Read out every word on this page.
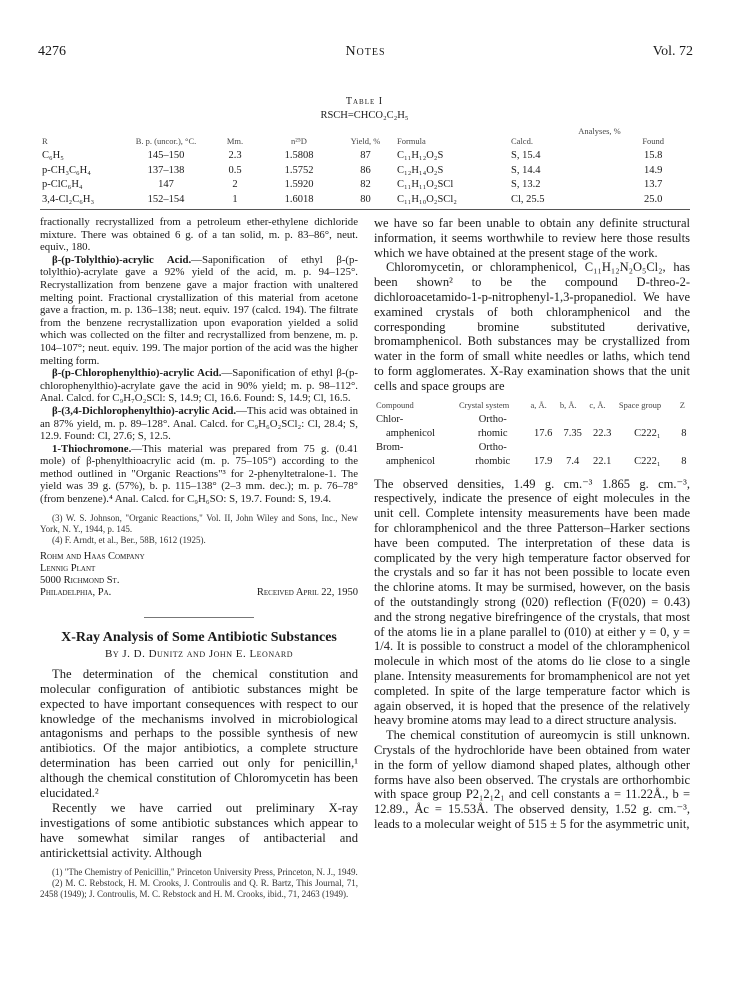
4276	Notes	Vol. 72
Table I
RSCH=CHCO₂C₂H₅
						Analyses, %	
R	B. p. (uncor.), °C.	Mm.	n²⁵D	Yield, %	Formula	Calcd.	Found
C₆H₅	145–150	2.3	1.5808	87	C₁₁H₁₂O₂S	S, 15.4	15.8
p-CH₃C₆H₄	137–138	0.5	1.5752	86	C₁₂H₁₄O₂S	S, 14.4	14.9
p-ClC₆H₄	147	2	1.5920	82	C₁₁H₁₁O₂SCl	S, 13.2	13.7
3,4-Cl₂C₆H₃	152–154	1	1.6018	80	C₁₁H₁₀O₂SCl₂	Cl, 25.5	25.0

fractionally recrystallized from a petroleum ether-ethylene dichloride mixture. There was obtained 6 g. of a tan solid, m. p. 83–86°, neut. equiv., 180.

β-(p-Tolylthio)-acrylic Acid.—Saponification of ethyl β-(p-tolylthio)-acrylate gave a 92% yield of the acid, m. p. 94–125°. Recrystallization from benzene gave a major fraction with unaltered melting point. Fractional crystallization of this material from acetone gave a fraction, m. p. 136–138; neut. equiv. 197 (calcd. 194). The filtrate from the benzene recrystallization upon evaporation yielded a solid which was collected on the filter and recrystallized from benzene, m. p. 104–107°; neut. equiv. 199. The major portion of the acid was the higher melting form.

β-(p-Chlorophenylthio)-acrylic Acid.—Saponification of ethyl β-(p-chlorophenylthio)-acrylate gave the acid in 90% yield; m. p. 98–112°. Anal. Calcd. for C₉H₇O₂SCl: S, 14.9; Cl, 16.6. Found: S, 14.9; Cl, 16.5.

β-(3,4-Dichlorophenylthio)-acrylic Acid.—This acid was obtained in an 87% yield, m. p. 89–128°. Anal. Calcd. for C₉H₆O₂SCl₂: Cl, 28.4; S, 12.9. Found: Cl, 27.6; S, 12.5.

1-Thiochromone.—This material was prepared from 75 g. (0.41 mole) of β-phenylthioacrylic acid (m. p. 75–105°) according to the method outlined in "Organic Reactions"³ for 2-phenyltetralone-1. The yield was 39 g. (57%), b. p. 115–138° (2–3 mm. dec.); m. p. 76–78° (from benzene).⁴ Anal. Calcd. for C₉H₆SO: S, 19.7. Found: S, 19.4.

(3) W. S. Johnson, "Organic Reactions," Vol. II, John Wiley and Sons, Inc., New York, N. Y., 1944, p. 145.

(4) F. Arndt, et al., Ber., 58B, 1612 (1925).

Rohm and Haas Company
Lennig Plant
5000 Richmond St.
Philadelphia, Pa.	Received April 22, 1950
X-Ray Analysis of Some Antibiotic Substances
By J. D. Dunitz and John E. Leonard

The determination of the chemical constitution and molecular configuration of antibiotic substances might be expected to have important consequences with respect to our knowledge of the mechanisms involved in microbiological antagonisms and perhaps to the possible synthesis of new antibiotics. Of the major antibiotics, a complete structure determination has been carried out only for penicillin,¹ although the chemical constitution of Chloromycetin has been elucidated.²

Recently we have carried out preliminary X-ray investigations of some antibiotic substances which appear to have somewhat similar ranges of antibacterial and antirickettsial activity. Although

(1) "The Chemistry of Penicillin," Princeton University Press, Princeton, N. J., 1949.

(2) M. C. Rebstock, H. M. Crooks, J. Controulis and Q. R. Bartz, This Journal, 71, 2458 (1949); J. Controulis, M. C. Rebstock and H. M. Crooks, ibid., 71, 2463 (1949).

we have so far been unable to obtain any definite structural information, it seems worthwhile to review here those results which we have obtained at the present stage of the work.

Chloromycetin, or chloramphenicol, C₁₁H₁₂N₂O₅Cl₂, has been shown² to be the compound D-threo-2-dichloroacetamido-1-p-nitrophenyl-1,3-propanediol. We have examined crystals of both chloramphenicol and the corresponding bromine substituted derivative, bromamphenicol. Both substances may be crystallized from water in the form of small white needles or laths, which tend to form agglomerates. X-Ray examination shows that the unit cells and space groups are

Compound	Crystal system	a, Å.	b, Å.	c, Å.	Space group	Z
Chlor-	Ortho-					
amphenicol	rhomic	17.6	7.35	22.3	C222₁	8
Brom-	Ortho-					
amphenicol	rhombic	17.9	7.4	22.1	C222₁	8

The observed densities, 1.49 g. cm.⁻³ 1.865 g. cm.⁻³, respectively, indicate the presence of eight molecules in the unit cell. Complete intensity measurements have been made for chloramphenicol and the three Patterson–Harker sections have been computed. The interpretation of these data is complicated by the very high temperature factor observed for the crystals and so far it has not been possible to locate even the chlorine atoms. It may be surmised, however, on the basis of the outstandingly strong (020) reflection (F(020) = 0.43) and the strong negative birefringence of the crystals, that most of the atoms lie in a plane parallel to (010) at either y = 0, y = 1/4. It is possible to construct a model of the chloramphenicol molecule in which most of the atoms do lie close to a single plane. Intensity measurements for bromamphenicol are not yet completed. In spite of the large temperature factor which is again observed, it is hoped that the presence of the relatively heavy bromine atoms may lead to a direct structure analysis.

The chemical constitution of aureomycin is still unknown. Crystals of the hydrochloride have been obtained from water in the form of yellow diamond shaped plates, although other forms have also been observed. The crystals are orthorhombic with space group P2₁2₁2₁ and cell constants a = 11.22Å., b = 12.89., Åc = 15.53Å. The observed density, 1.52 g. cm.⁻³, leads to a molecular weight of 515 ± 5 for the asymmetric unit,
